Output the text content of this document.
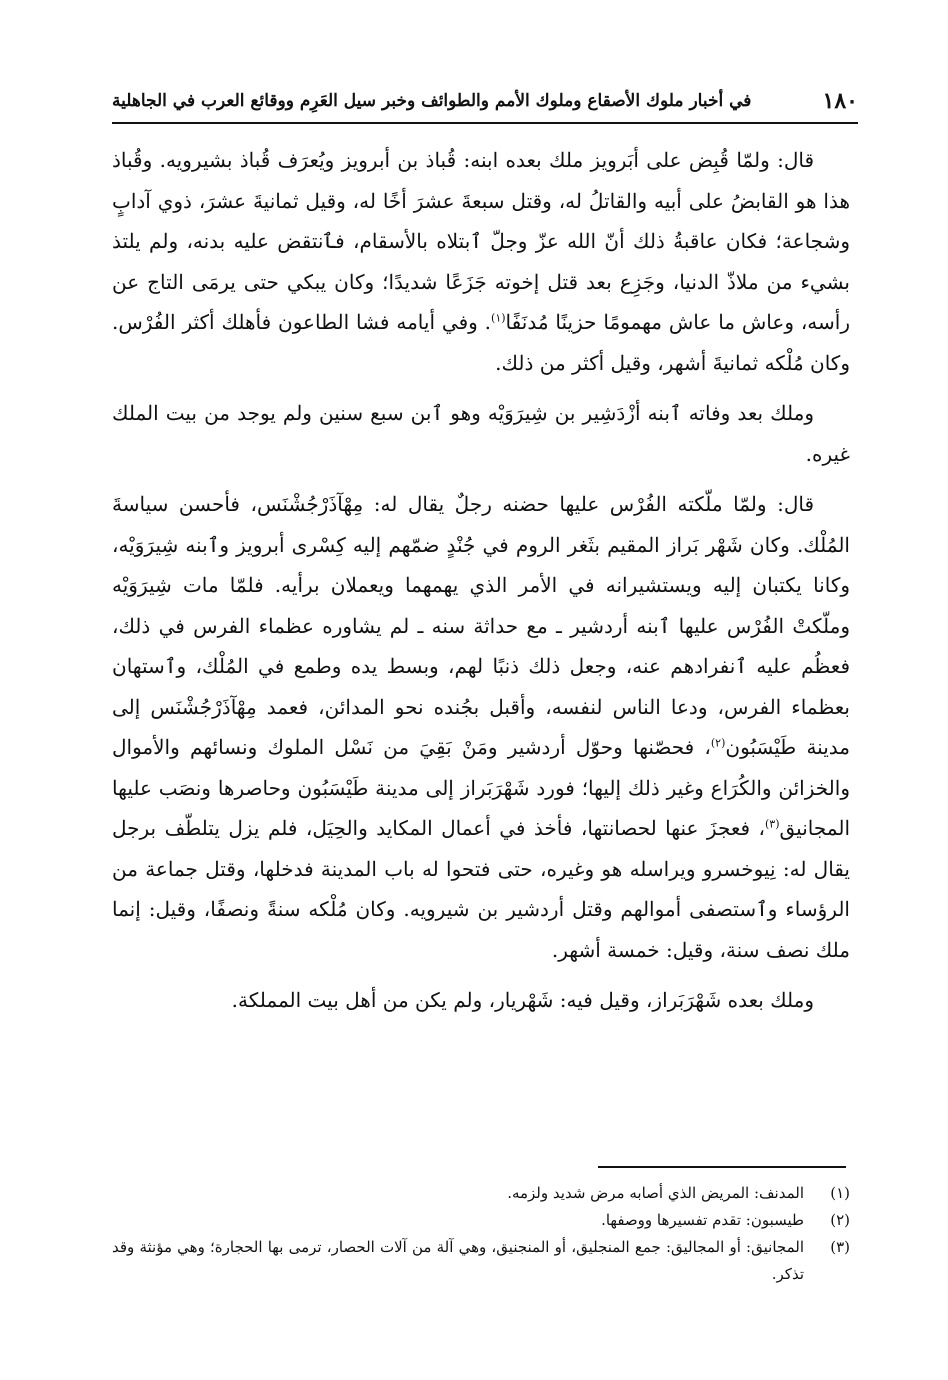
١٨٠
في أخبار ملوك الأصقاع وملوك الأمم والطوائف وخبر سيل العَرِم ووقائع العرب في الجاهلية

قال: ولمّا قُبِض على أبَرويز ملك بعده ابنه: قُباذ بن أبرويز ويُعرَف قُباذ بشيرويه. وقُباذ هذا هو القابضُ على أبيه والقاتلُ له، وقتل سبعةَ عشرَ أخًا له، وقيل ثمانيةَ عشرَ، ذوي آدابٍ وشجاعة؛ فكان عاقبةُ ذلك أنّ الله عزّ وجلّ ٱبتلاه بالأسقام، فٱنتقض عليه بدنه، ولم يلتذ بشيء من ملاذّ الدنيا، وجَزِع بعد قتل إخوته جَزَعًا شديدًا؛ وكان يبكي حتى يرمَى التاج عن رأسه، وعاش ما عاش مهمومًا حزينًا مُدنَفًا$^{(١)}$. وفي أيامه فشا الطاعون فأهلك أكثر الفُرْس. وكان مُلْكه ثمانيةَ أشهر، وقيل أكثر من ذلك.

وملك بعد وفاته ٱبنه أزْدَشِير بن شِيرَوَيْه وهو ٱبن سبع سنين ولم يوجد من بيت الملك غيره.

قال: ولمّا ملّكته الفُرْس عليها حضنه رجلٌ يقال له: مِهْآذَرْجُشْنَس، فأحسن سياسةَ المُلْك. وكان شَهْر بَراز المقيم بثَغر الروم في جُنْدٍ ضمّهم إليه كِسْرى أبرويز وٱبنه شِيرَوَيْه، وكانا يكتبان إليه ويستشيرانه في الأمر الذي يهمهما ويعملان برأيه. فلمّا مات شِيرَوَيْه وملّكتْ الفُرْس عليها ٱبنه أردشير ـ مع حداثة سنه ـ لم يشاوره عظماء الفرس في ذلك، فعظُم عليه ٱنفرادهم عنه، وجعل ذلك ذنبًا لهم، وبسط يده وطمع في المُلْك، وٱستهان بعظماء الفرس، ودعا الناس لنفسه، وأقبل بجُنده نحو المدائن، فعمد مِهْآذَرْجُشْنَس إلى مدينة طَيْسَبُون$^{(٢)}$، فحصّنها وحوّل أردشير ومَنْ بَقِيَ من نَسْل الملوك ونسائهم والأموال والخزائن والكُرَاع وغير ذلك إليها؛ فورد شَهْرَبَراز إلى مدينة طَيْسَبُون وحاصرها ونصَب عليها المجانيق$^{(٣)}$، فعجزَ عنها لحصانتها، فأخذ في أعمال المكايد والحِيَل، فلم يزل يتلطّف برجل يقال له: نِيوخسرو ويراسله هو وغيره، حتى فتحوا له باب المدينة فدخلها، وقتل جماعة من الرؤساء وٱستصفى أموالهم وقتل أردشير بن شيرويه. وكان مُلْكه سنةً ونصفًا، وقيل: إنما ملك نصف سنة، وقيل: خمسة أشهر.

وملك بعده شَهْرَبَراز، وقيل فيه: شَهْريار، ولم يكن من أهل بيت المملكة.

(١)
المدنف: المريض الذي أصابه مرض شديد ولزمه.
(٢)
طيسبون: تقدم تفسيرها ووصفها.
(٣)
المجانيق: أو المجاليق: جمع المنجليق، أو المنجنيق، وهي آلة من آلات الحصار، ترمى بها الحجارة؛ وهي مؤنثة وقد تذكر.
